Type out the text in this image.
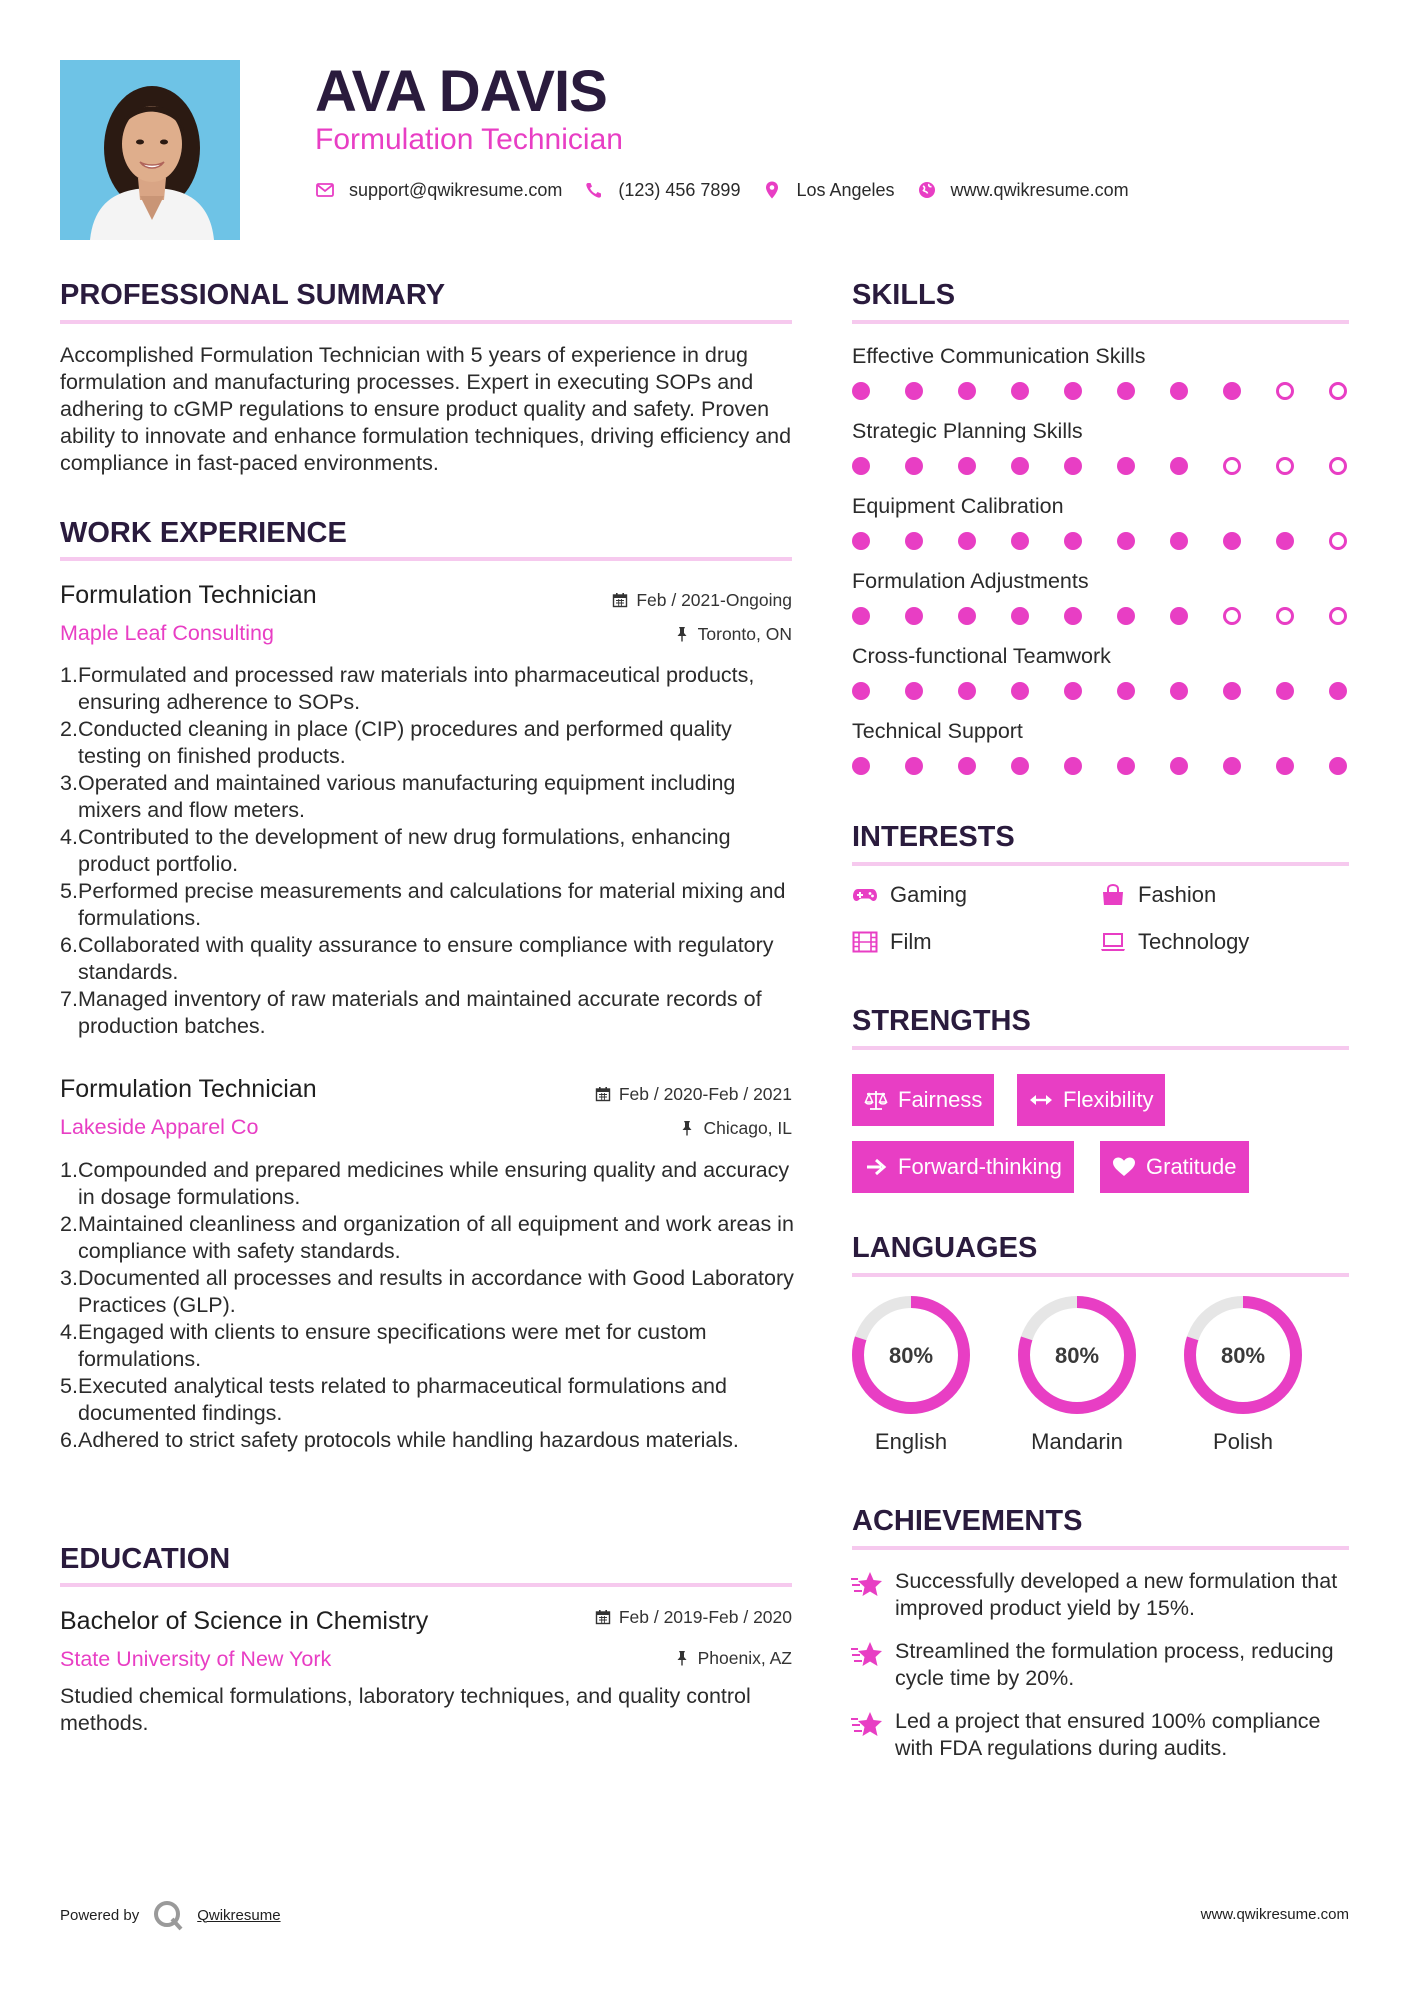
AVA DAVIS
Formulation Technician
support@qwikresume.com	(123) 456 7899	Los Angeles	www.qwikresume.com
PROFESSIONAL SUMMARY
Accomplished Formulation Technician with 5 years of experience in drug formulation and manufacturing processes. Expert in executing SOPs and adhering to cGMP regulations to ensure product quality and safety. Proven ability to innovate and enhance formulation techniques, driving efficiency and compliance in fast-paced environments.
WORK EXPERIENCE
Formulation Technician	Feb / 2021-Ongoing
Maple Leaf Consulting	Toronto, ON
Formulated and processed raw materials into pharmaceutical products, ensuring adherence to SOPs.
Conducted cleaning in place (CIP) procedures and performed quality testing on finished products.
Operated and maintained various manufacturing equipment including mixers and flow meters.
Contributed to the development of new drug formulations, enhancing product portfolio.
Performed precise measurements and calculations for material mixing and formulations.
Collaborated with quality assurance to ensure compliance with regulatory standards.
Managed inventory of raw materials and maintained accurate records of production batches.
Formulation Technician	Feb / 2020-Feb / 2021
Lakeside Apparel Co	Chicago, IL
Compounded and prepared medicines while ensuring quality and accuracy in dosage formulations.
Maintained cleanliness and organization of all equipment and work areas in compliance with safety standards.
Documented all processes and results in accordance with Good Laboratory Practices (GLP).
Engaged with clients to ensure specifications were met for custom formulations.
Executed analytical tests related to pharmaceutical formulations and documented findings.
Adhered to strict safety protocols while handling hazardous materials.
EDUCATION
Bachelor of Science in Chemistry	Feb / 2019-Feb / 2020
State University of New York	Phoenix, AZ
Studied chemical formulations, laboratory techniques, and quality control methods.
SKILLS
Effective Communication Skills
Strategic Planning Skills
Equipment Calibration
Formulation Adjustments
Cross-functional Teamwork
Technical Support
INTERESTS
Gaming	Fashion
Film	Technology
STRENGTHS
Fairness	Flexibility
Forward-thinking	Gratitude
LANGUAGES
80%
English
80%
Mandarin
80%
Polish
ACHIEVEMENTS
Successfully developed a new formulation that improved product yield by 15%.
Streamlined the formulation process, reducing cycle time by 20%.
Led a project that ensured 100% compliance with FDA regulations during audits.
Powered by	Qwikresume	www.qwikresume.com
